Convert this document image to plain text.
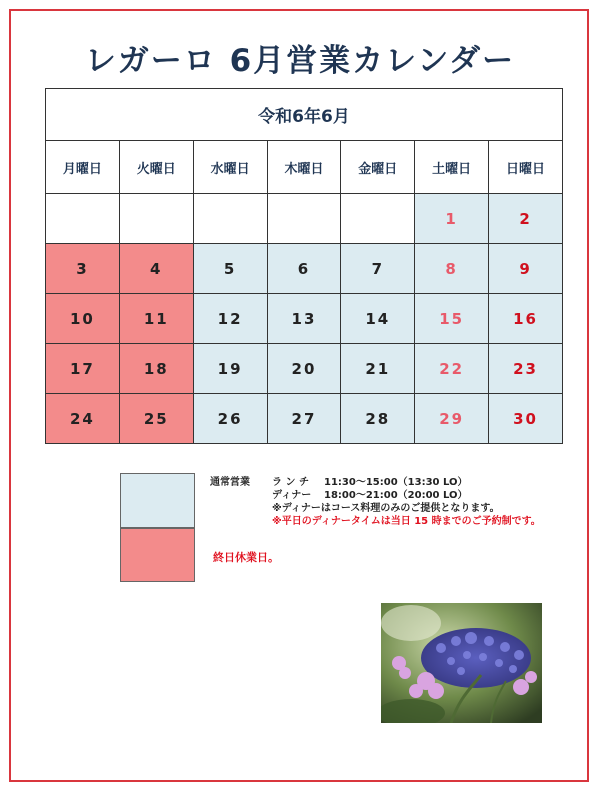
レガーロ 6月営業カレンダー
令和6年6月						
月曜日	火曜日	水曜日	木曜日	金曜日	土曜日	日曜日
					1	2
3	4	5	6	7	8	9
10	11	12	13	14	15	16
17	18	19	20	21	22	23
24	25	26	27	28	29	30
通常営業 ラ ン チ 11:30～15:00（13:30 LO）
ディナー 18:00～21:00（20:00 LO）
※ディナーはコース料理のみのご提供となります。
※平日のディナータイムは当日 15 時までのご予約制です。
終日休業日。
